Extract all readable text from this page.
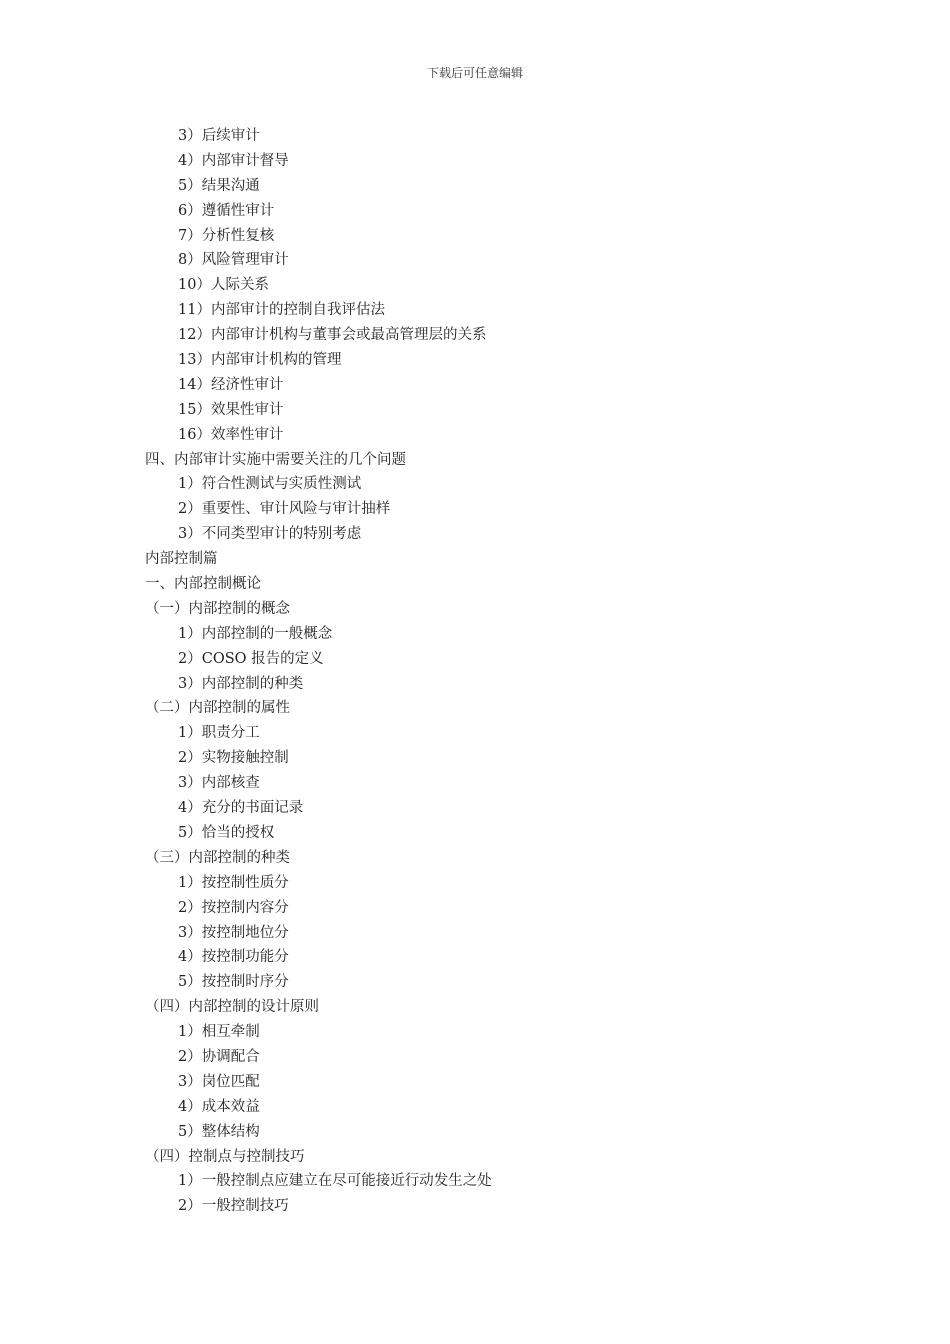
下载后可任意编辑
3）后续审计
4）内部审计督导
5）结果沟通
6）遵循性审计
7）分析性复核
8）风险管理审计
10）人际关系
11）内部审计的控制自我评估法
12）内部审计机构与董事会或最高管理层的关系
13）内部审计机构的管理
14）经济性审计
15）效果性审计
16）效率性审计
四、内部审计实施中需要关注的几个问题
1）符合性测试与实质性测试
2）重要性、审计风险与审计抽样
3）不同类型审计的特别考虑
内部控制篇
一、内部控制概论
（一）内部控制的概念
1）内部控制的一般概念
2）COSO 报告的定义
3）内部控制的种类
（二）内部控制的属性
1）职责分工
2）实物接触控制
3）内部核查
4）充分的书面记录
5）恰当的授权
（三）内部控制的种类
1）按控制性质分
2）按控制内容分
3）按控制地位分
4）按控制功能分
5）按控制时序分
（四）内部控制的设计原则
1）相互牵制
2）协调配合
3）岗位匹配
4）成本效益
5）整体结构
（四）控制点与控制技巧
1）一般控制点应建立在尽可能接近行动发生之处
2）一般控制技巧
